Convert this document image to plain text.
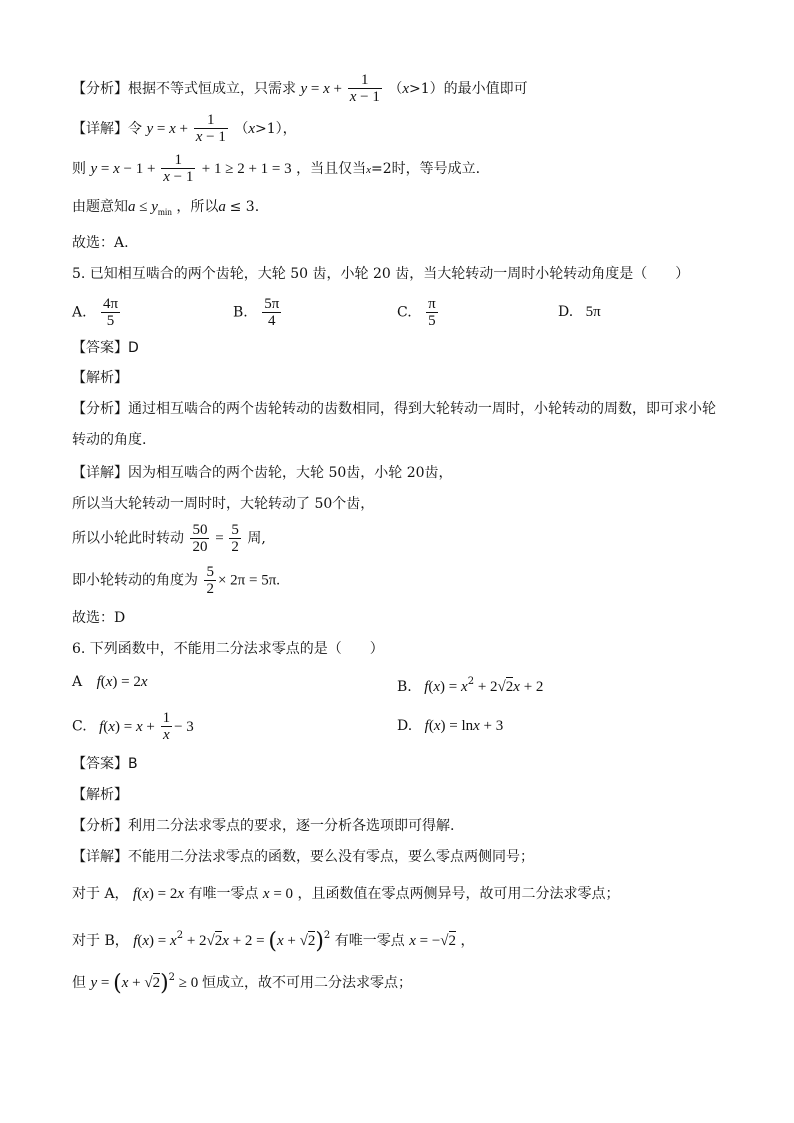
【分析】根据不等式恒成立，只需求 $y = x + \frac{1}{x - 1} (x>1)$的最小值即可
【详解】令 $y = x + \frac{1}{x - 1} (x>1)$，
则 $y = x - 1 + \frac{1}{x - 1} + 1 \ge 2 + 1 = 3$ ，当且仅当x=2时，等号成立.
由题意知$a \le y_{min}$ ，所以a ≤ 3.
故选：A.
5. 已知相互啮合的两个齿轮，大轮 50 齿，小轮 20 齿，当大轮转动一周时小轮转动角度是（　　）
A. $\frac{4\pi}{5}$	B. $\frac{5\pi}{4}$	C. $\frac{\pi}{5}$	D. 5π
【答案】D
【解析】
【分析】通过相互啮合的两个齿轮转动的齿数相同，得到大轮转动一周时，小轮转动的周数，即可求小轮
转动的角度.
【详解】因为相互啮合的两个齿轮，大轮 50齿，小轮 20齿，
所以当大轮转动一周时时，大轮转动了 50个齿，
所以小轮此时转动 $\frac{50}{20} = \frac{5}{2}$ 周,
即小轮转动的角度为 $\frac{5}{2} \times 2\pi = 5\pi$.
故选：D
6. 下列函数中，不能用二分法求零点的是（　　）
A f(x) = 2x	B. $f(x) = x^2 + 2√2x + 2$
C. $f(x) = x + \frac{1}{x} - 3$	D. f(x) = lnx + 3
【答案】B
【解析】
【分析】利用二分法求零点的要求，逐一分析各选项即可得解.
【详解】不能用二分法求零点的函数，要么没有零点，要么零点两侧同号；
对于 A， f(x) = 2x 有唯一零点 x = 0 ，且函数值在零点两侧异号，故可用二分法求零点；
对于 B， $f(x) = x^2 + 2√2x + 2 = (x + √2)^2$ 有唯一零点 x = −√2 ，
但 $y = (x + √2)^2 \ge 0$ 恒成立，故不可用二分法求零点；
